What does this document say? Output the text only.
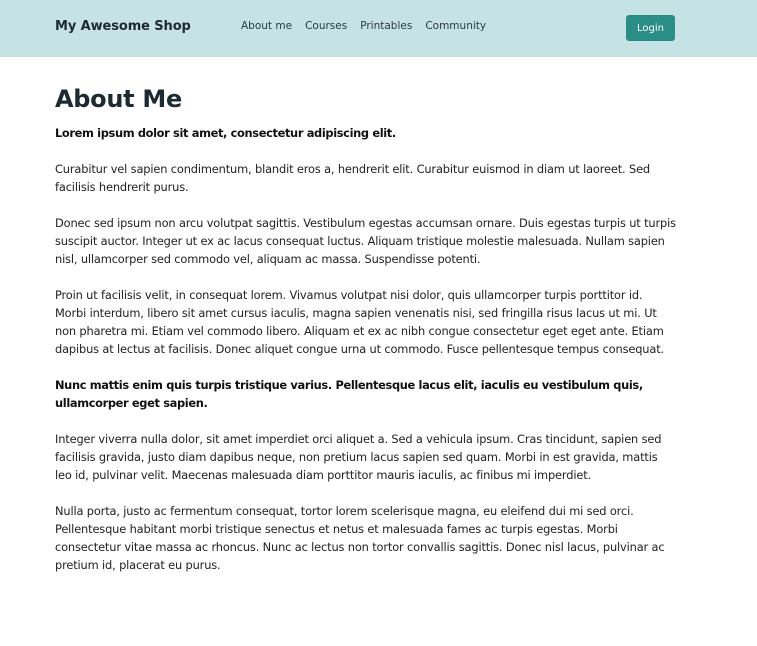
My Awesome Shop	About me Courses Printables Community	Login
About Me

Lorem ipsum dolor sit amet, consectetur adipiscing elit.

Curabitur vel sapien condimentum, blandit eros a, hendrerit elit. Curabitur euismod in diam ut laoreet. Sed facilisis hendrerit purus.

Donec sed ipsum non arcu volutpat sagittis. Vestibulum egestas accumsan ornare. Duis egestas turpis ut turpis suscipit auctor. Integer ut ex ac lacus consequat luctus. Aliquam tristique molestie malesuada. Nullam sapien nisl, ullamcorper sed commodo vel, aliquam ac massa. Suspendisse potenti.

Proin ut facilisis velit, in consequat lorem. Vivamus volutpat nisi dolor, quis ullamcorper turpis porttitor id. Morbi interdum, libero sit amet cursus iaculis, magna sapien venenatis nisi, sed fringilla risus lacus ut mi. Ut non pharetra mi. Etiam vel commodo libero. Aliquam et ex ac nibh congue consectetur eget eget ante. Etiam dapibus at lectus at facilisis. Donec aliquet congue urna ut commodo. Fusce pellentesque tempus consequat.

Nunc mattis enim quis turpis tristique varius. Pellentesque lacus elit, iaculis eu vestibulum quis, ullamcorper eget sapien.

Integer viverra nulla dolor, sit amet imperdiet orci aliquet a. Sed a vehicula ipsum. Cras tincidunt, sapien sed facilisis gravida, justo diam dapibus neque, non pretium lacus sapien sed quam. Morbi in est gravida, mattis leo id, pulvinar velit. Maecenas malesuada diam porttitor mauris iaculis, ac finibus mi imperdiet.

Nulla porta, justo ac fermentum consequat, tortor lorem scelerisque magna, eu eleifend dui mi sed orci. Pellentesque habitant morbi tristique senectus et netus et malesuada fames ac turpis egestas. Morbi consectetur vitae massa ac rhoncus. Nunc ac lectus non tortor convallis sagittis. Donec nisl lacus, pulvinar ac pretium id, placerat eu purus.
